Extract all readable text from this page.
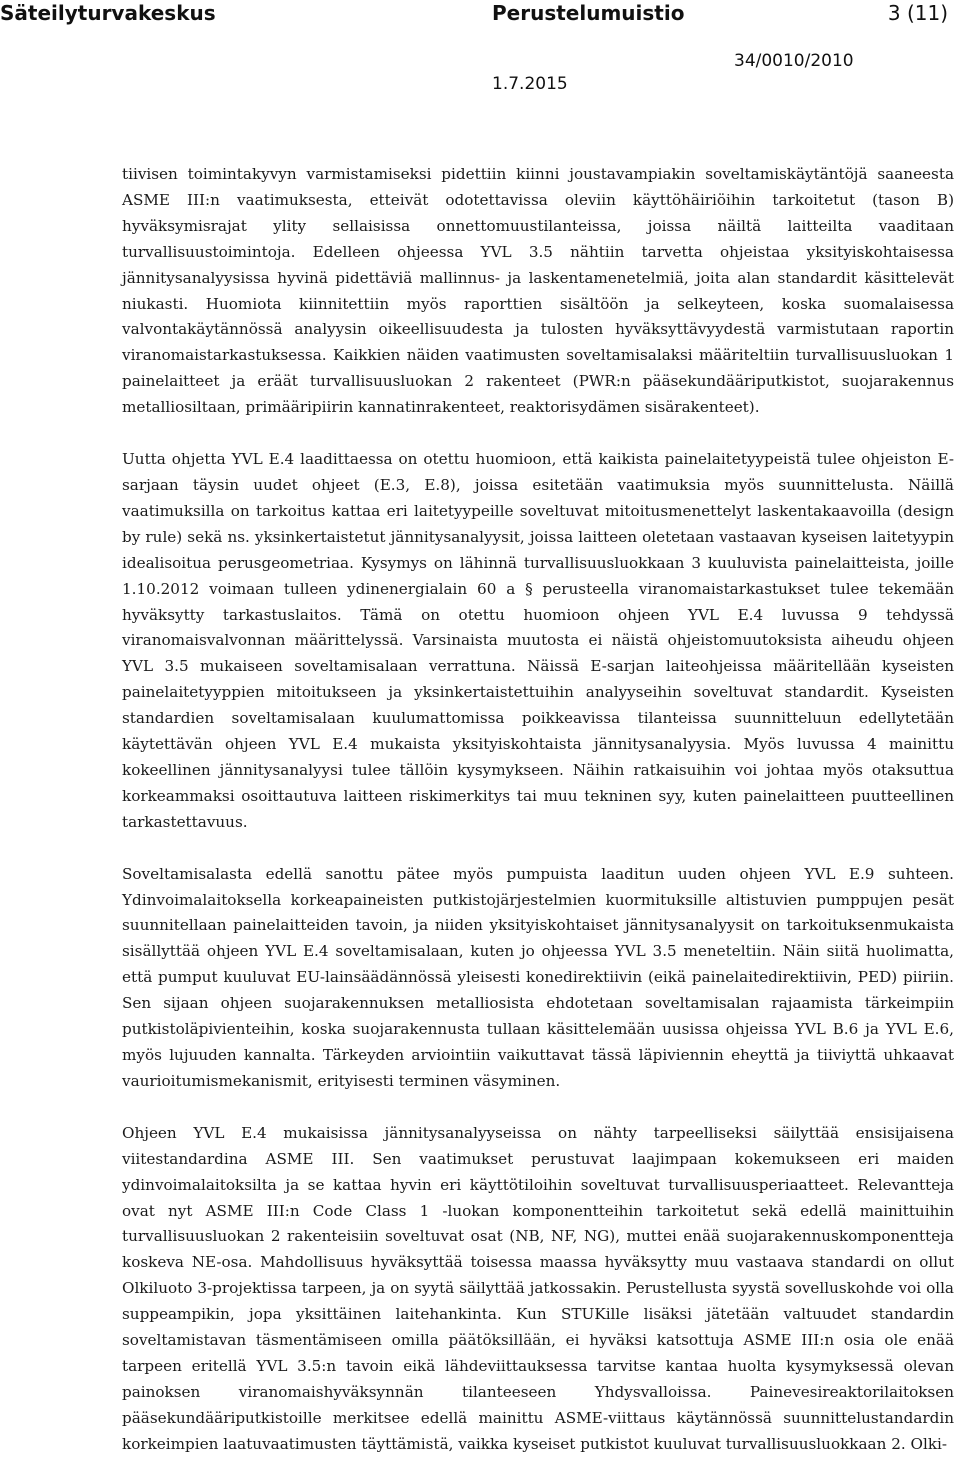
Säteilyturvakeskus	Perustelumuistio	3 (11)
34/0010/2010
1.7.2015

tiivisen toimintakyvyn varmistamiseksi pidettiin kiinni joustavampiakin soveltamiskäytäntöjä saaneesta ASME III:n vaatimuksesta, etteivät odotettavissa oleviin käyttöhäiriöihin tarkoitetut (tason B) hyväksymisrajat ylity sellaisissa onnettomuustilanteissa, joissa näiltä laitteilta vaaditaan turvallisuustoimintoja. Edelleen ohjeessa YVL 3.5 nähtiin tarvetta ohjeistaa yksityiskohtaisessa jännitysanalyysissa hyvinä pidettäviä mallinnus- ja laskentamenetelmiä, joita alan standardit käsittelevät niukasti. Huomiota kiinnitettiin myös raporttien sisältöön ja selkeyteen, koska suomalaisessa valvontakäytännössä analyysin oikeellisuudesta ja tulosten hyväksyttävyydestä varmistutaan raportin viranomaistarkastuksessa. Kaikkien näiden vaatimusten soveltamisalaksi määriteltiin turvallisuusluokan 1 painelaitteet ja eräät turvallisuusluokan 2 rakenteet (PWR:n pääsekundääriputkistot, suojarakennus metalliosiltaan, primääripiirin kannatinrakenteet, reaktorisydämen sisärakenteet).

Uutta ohjetta YVL E.4 laadittaessa on otettu huomioon, että kaikista painelaitetyypeistä tulee ohjeiston E-sarjaan täysin uudet ohjeet (E.3, E.8), joissa esitetään vaatimuksia myös suunnittelusta. Näillä vaatimuksilla on tarkoitus kattaa eri laitetyypeille soveltuvat mitoitusmenettelyt laskentakaavoilla (design by rule) sekä ns. yksinkertaistetut jännitysanalyysit, joissa laitteen oletetaan vastaavan kyseisen laitetyypin idealisoitua perusgeometriaa. Kysymys on lähinnä turvallisuusluokkaan 3 kuuluvista painelaitteista, joille 1.10.2012 voimaan tulleen ydinenergialain 60 a § perusteella viranomaistarkastukset tulee tekemään hyväksytty tarkastuslaitos. Tämä on otettu huomioon ohjeen YVL E.4 luvussa 9 tehdyssä viranomaisvalvonnan määrittelyssä. Varsinaista muutosta ei näistä ohjeistomuutoksista aiheudu ohjeen YVL 3.5 mukaiseen soveltamisalaan verrattuna. Näissä E-sarjan laiteohjeissa määritellään kyseisten painelaitetyyppien mitoitukseen ja yksinkertaistettuihin analyyseihin soveltuvat standardit. Kyseisten standardien soveltamisalaan kuulumattomissa poikkeavissa tilanteissa suunnitteluun edellytetään käytettävän ohjeen YVL E.4 mukaista yksityiskohtaista jännitysanalyysia. Myös luvussa 4 mainittu kokeellinen jännitysanalyysi tulee tällöin kysymykseen. Näihin ratkaisuihin voi johtaa myös otaksuttua korkeammaksi osoittautuva laitteen riskimerkitys tai muu tekninen syy, kuten painelaitteen puutteellinen tarkastettavuus.

Soveltamisalasta edellä sanottu pätee myös pumpuista laaditun uuden ohjeen YVL E.9 suhteen. Ydinvoimalaitoksella korkeapaineisten putkistojärjestelmien kuormituksille altistuvien pumppujen pesät suunnitellaan painelaitteiden tavoin, ja niiden yksityiskohtaiset jännitysanalyysit on tarkoituksenmukaista sisällyttää ohjeen YVL E.4 soveltamisalaan, kuten jo ohjeessa YVL 3.5 meneteltiin. Näin siitä huolimatta, että pumput kuuluvat EU-lainsäädännössä yleisesti konedirektiivin (eikä painelaitedirektiivin, PED) piiriin. Sen sijaan ohjeen suojarakennuksen metalliosista ehdotetaan soveltamisalan rajaamista tärkeimpiin putkistoläpivienteihin, koska suojarakennusta tullaan käsittelemään uusissa ohjeissa YVL B.6 ja YVL E.6, myös lujuuden kannalta. Tärkeyden arviointiin vaikuttavat tässä läpiviennin eheyttä ja tiiviyttä uhkaavat vaurioitumismekanismit, erityisesti terminen väsyminen.

Ohjeen YVL E.4 mukaisissa jännitysanalyyseissa on nähty tarpeelliseksi säilyttää ensisijaisena viitestandardina ASME III. Sen vaatimukset perustuvat laajimpaan kokemukseen eri maiden ydinvoimalaitoksilta ja se kattaa hyvin eri käyttötiloihin soveltuvat turvallisuusperiaatteet. Relevantteja ovat nyt ASME III:n Code Class 1 -luokan komponentteihin tarkoitetut sekä edellä mainittuihin turvallisuusluokan 2 rakenteisiin soveltuvat osat (NB, NF, NG), muttei enää suojarakennuskomponentteja koskeva NE-osa. Mahdollisuus hyväksyttää toisessa maassa hyväksytty muu vastaava standardi on ollut Olkiluoto 3-projektissa tarpeen, ja on syytä säilyttää jatkossakin. Perustellusta syystä sovelluskohde voi olla suppeampikin, jopa yksittäinen laitehankinta. Kun STUKille lisäksi jätetään valtuudet standardin soveltamistavan täsmentämiseen omilla päätöksillään, ei hyväksi katsottuja ASME III:n osia ole enää tarpeen eritellä YVL 3.5:n tavoin eikä lähdeviittauksessa tarvitse kantaa huolta kysymyksessä olevan painoksen viranomaishyväksynnän tilanteeseen Yhdysvalloissa. Painevesireaktorilaitoksen pääsekundääriputkistoille merkitsee edellä mainittu ASME-viittaus käytännössä suunnittelustandardin korkeimpien laatuvaatimusten täyttämistä, vaikka kyseiset putkistot kuuluvat turvallisuusluokkaan 2. Olki-
